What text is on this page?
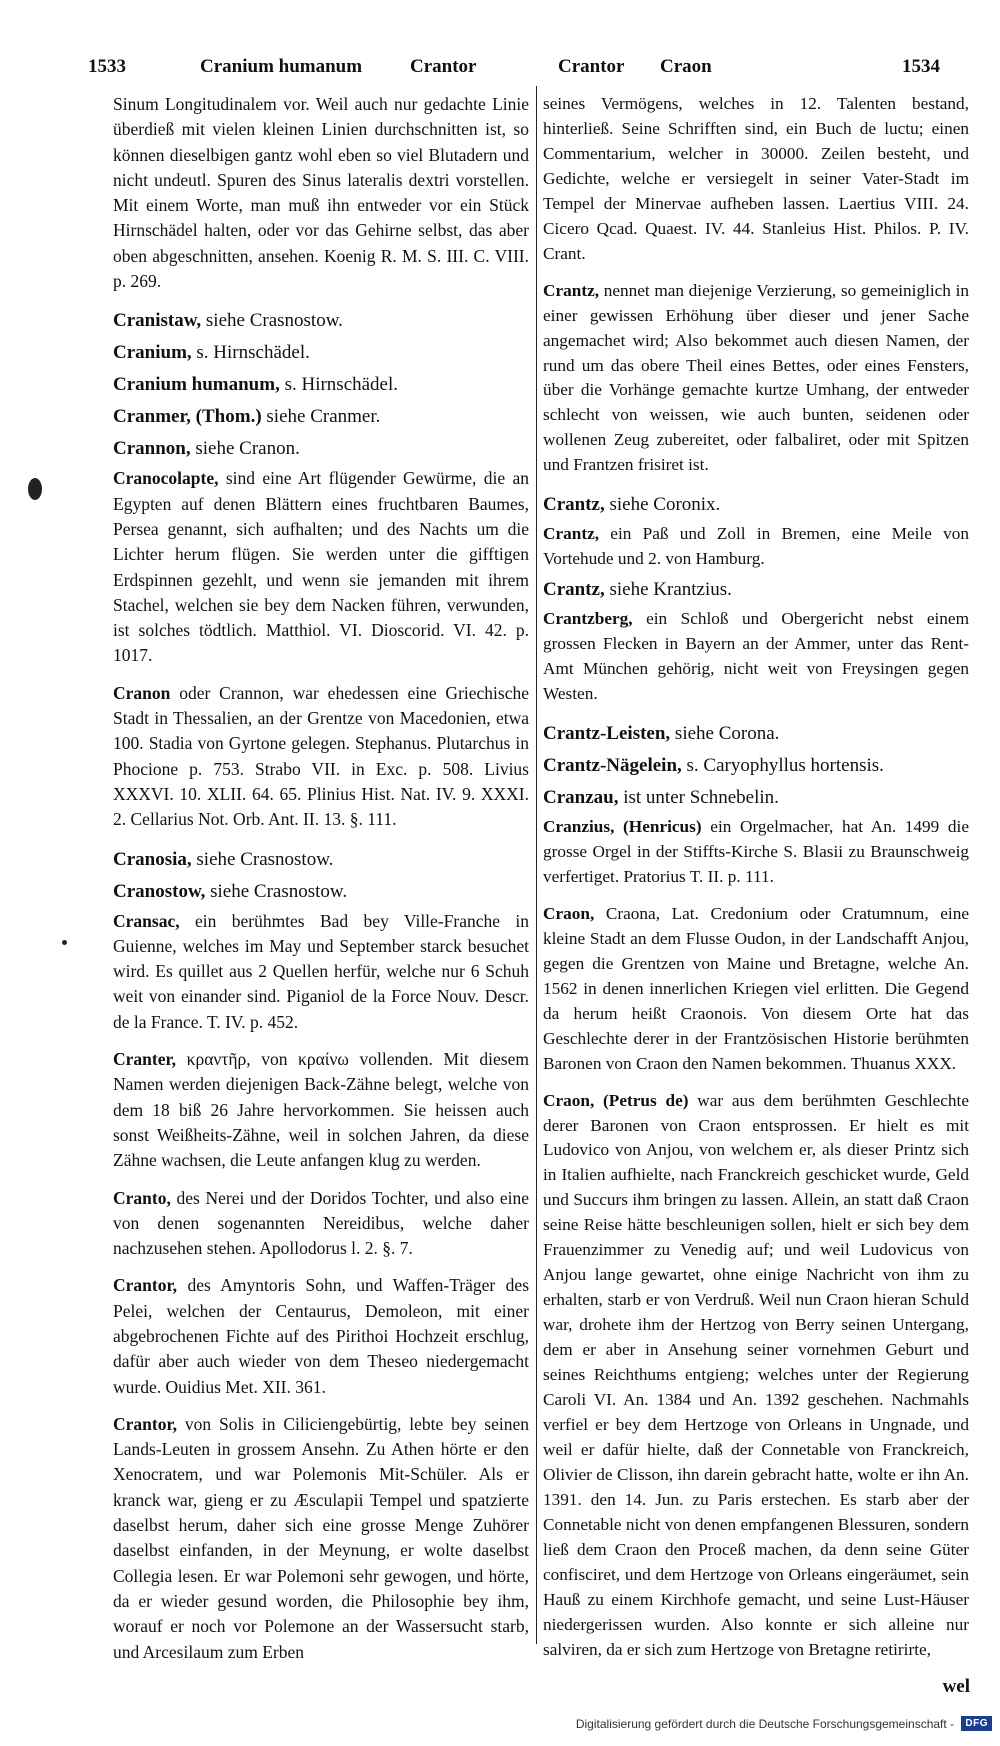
1533	Cranium humanum	Crantor	Crantor Craon	1534

Sinum Longitudinalem vor. Weil auch nur gedachte Linie überdieß mit vielen kleinen Linien durchschnitten ist, so können dieselbigen gantz wohl eben so viel Blutadern und nicht undeutl. Spuren des Sinus lateralis dextri vorstellen. Mit einem Worte, man muß ihn entweder vor ein Stück Hirnschädel halten, oder vor das Gehirne selbst, das aber oben abgeschnitten, ansehen. Koenig R. M. S. III. C. VIII. p. 269.

Cranistaw, siehe Crasnostow.

Cranium, s. Hirnschädel.

Cranium humanum, s. Hirnschädel.

Cranmer, (Thom.) siehe Cranmer.

Crannon, siehe Cranon.

Cranocolapte, sind eine Art flügender Gewürme, die an Egypten auf denen Blättern eines fruchtbaren Baumes, Persea genannt, sich aufhalten; und des Nachts um die Lichter herum flügen. Sie werden unter die gifftigen Erdspinnen gezehlt, und wenn sie jemanden mit ihrem Stachel, welchen sie bey dem Nacken führen, verwunden, ist solches tödtlich. Matthiol. VI. Dioscorid. VI. 42. p. 1017.

Cranon oder Crannon, war ehedessen eine Griechische Stadt in Thessalien, an der Grentze von Macedonien, etwa 100. Stadia von Gyrtone gelegen. Stephanus. Plutarchus in Phocione p. 753. Strabo VII. in Exc. p. 508. Livius XXXVI. 10. XLII. 64. 65. Plinius Hist. Nat. IV. 9. XXXI. 2. Cellarius Not. Orb. Ant. II. 13. §. 111.

Cranosia, siehe Crasnostow.

Cranostow, siehe Crasnostow.

Cransac, ein berühmtes Bad bey Ville-Franche in Guienne, welches im May und September starck besuchet wird. Es quillet aus 2 Quellen herfür, welche nur 6 Schuh weit von einander sind. Piganiol de la Force Nouv. Descr. de la France. T. IV. p. 452.

Cranter, κραντῆρ, von κραίνω vollenden. Mit diesem Namen werden diejenigen Back-Zähne belegt, welche von dem 18 biß 26 Jahre hervorkommen. Sie heissen auch sonst Weißheits-Zähne, weil in solchen Jahren, da diese Zähne wachsen, die Leute anfangen klug zu werden.

Cranto, des Nerei und der Doridos Tochter, und also eine von denen sogenannten Nereidibus, welche daher nachzusehen stehen. Apollodorus l. 2. §. 7.

Crantor, des Amyntoris Sohn, und Waffen-Träger des Pelei, welchen der Centaurus, Demoleon, mit einer abgebrochenen Fichte auf des Pirithoi Hochzeit erschlug, dafür aber auch wieder von dem Theseo niedergemacht wurde. Ouidius Met. XII. 361.

Crantor, von Solis in Ciliciengebürtig, lebte bey seinen Lands-Leuten in grossem Ansehn. Zu Athen hörte er den Xenocratem, und war Polemonis Mit-Schüler. Als er kranck war, gieng er zu Æsculapii Tempel und spatzierte daselbst herum, daher sich eine grosse Menge Zuhörer daselbst einfanden, in der Meynung, er wolte daselbst Collegia lesen. Er war Polemoni sehr gewogen, und hörte, da er wieder gesund worden, die Philosophie bey ihm, worauf er noch vor Polemone an der Wassersucht starb, und Arcesilaum zum Erben

seines Vermögens, welches in 12. Talenten bestand, hinterließ. Seine Schrifften sind, ein Buch de luctu; einen Commentarium, welcher in 30000. Zeilen besteht, und Gedichte, welche er versiegelt in seiner Vater-Stadt im Tempel der Minervae aufheben lassen. Laertius VIII. 24. Cicero Qcad. Quaest. IV. 44. Stanleius Hist. Philos. P. IV. Crant.

Crantz, nennet man diejenige Verzierung, so gemeiniglich in einer gewissen Erhöhung über dieser und jener Sache angemachet wird; Also bekommet auch diesen Namen, der rund um das obere Theil eines Bettes, oder eines Fensters, über die Vorhänge gemachte kurtze Umhang, der entweder schlecht von weissen, wie auch bunten, seidenen oder wollenen Zeug zubereitet, oder falbaliret, oder mit Spitzen und Frantzen frisiret ist.

Crantz, siehe Coronix.

Crantz, ein Paß und Zoll in Bremen, eine Meile von Vortehude und 2. von Hamburg.

Crantz, siehe Krantzius.

Crantzberg, ein Schloß und Obergericht nebst einem grossen Flecken in Bayern an der Ammer, unter das Rent-Amt München gehörig, nicht weit von Freysingen gegen Westen.

Crantz-Leisten, siehe Corona.

Crantz-Nägelein, s. Caryophyllus hortensis.

Cranzau, ist unter Schnebelin.

Cranzius, (Henricus) ein Orgelmacher, hat An. 1499 die grosse Orgel in der Stiffts-Kirche S. Blasii zu Braunschweig verfertiget. Pratorius T. II. p. 111.

Craon, Craona, Lat. Credonium oder Cratumnum, eine kleine Stadt an dem Flusse Oudon, in der Landschafft Anjou, gegen die Grentzen von Maine und Bretagne, welche An. 1562 in denen innerlichen Kriegen viel erlitten. Die Gegend da herum heißt Craonois. Von diesem Orte hat das Geschlechte derer in der Frantzösischen Historie berühmten Baronen von Craon den Namen bekommen. Thuanus XXX.

Craon, (Petrus de) war aus dem berühmten Geschlechte derer Baronen von Craon entsprossen. Er hielt es mit Ludovico von Anjou, von welchem er, als dieser Printz sich in Italien aufhielte, nach Franckreich geschicket wurde, Geld und Succurs ihm bringen zu lassen. Allein, an statt daß Craon seine Reise hätte beschleunigen sollen, hielt er sich bey dem Frauenzimmer zu Venedig auf; und weil Ludovicus von Anjou lange gewartet, ohne einige Nachricht von ihm zu erhalten, starb er von Verdruß. Weil nun Craon hieran Schuld war, drohete ihm der Hertzog von Berry seinen Untergang, dem er aber in Ansehung seiner vornehmen Geburt und seines Reichthums entgieng; welches unter der Regierung Caroli VI. An. 1384 und An. 1392 geschehen. Nachmahls verfiel er bey dem Hertzoge von Orleans in Ungnade, und weil er dafür hielte, daß der Connetable von Franckreich, Olivier de Clisson, ihn darein gebracht hatte, wolte er ihn An. 1391. den 14. Jun. zu Paris erstechen. Es starb aber der Connetable nicht von denen empfangenen Blessuren, sondern ließ dem Craon den Proceß machen, da denn seine Güter confisciret, und dem Hertzoge von Orleans eingeräumet, sein Hauß zu einem Kirchhofe gemacht, und seine Lust-Häuser niedergerissen wurden. Also konnte er sich alleine nur salviren, da er sich zum Hertzoge von Bretagne retirirte,

wel
Digitalisierung gefördert durch die Deutsche Forschungsgemeinschaft - DFG
